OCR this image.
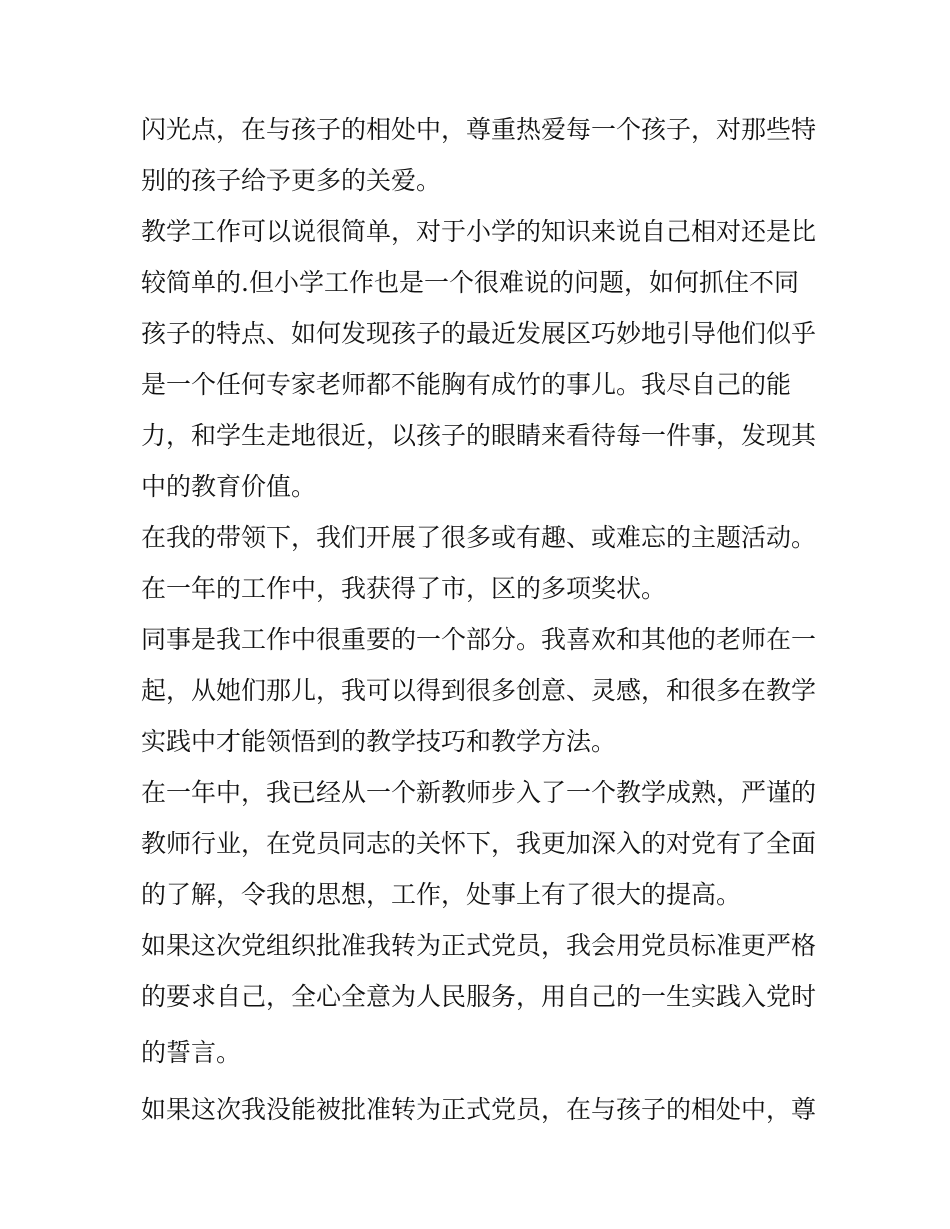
闪光点，在与孩子的相处中，尊重热爱每一个孩子，对那些特
别的孩子给予更多的关爱。
教学工作可以说很简单，对于小学的知识来说自己相对还是比
较简单的.但小学工作也是一个很难说的问题，如何抓住不同
孩子的特点、如何发现孩子的最近发展区巧妙地引导他们似乎
是一个任何专家老师都不能胸有成竹的事儿。我尽自己的能
力，和学生走地很近，以孩子的眼睛来看待每一件事，发现其
中的教育价值。
在我的带领下，我们开展了很多或有趣、或难忘的主题活动。
在一年的工作中，我获得了市，区的多项奖状。
同事是我工作中很重要的一个部分。我喜欢和其他的老师在一
起，从她们那儿，我可以得到很多创意、灵感，和很多在教学
实践中才能领悟到的教学技巧和教学方法。
在一年中，我已经从一个新教师步入了一个教学成熟，严谨的
教师行业，在党员同志的关怀下，我更加深入的对党有了全面
的了解，令我的思想，工作，处事上有了很大的提高。
如果这次党组织批准我转为正式党员，我会用党员标准更严格
的要求自己，全心全意为人民服务，用自己的一生实践入党时
的誓言。
如果这次我没能被批准转为正式党员，在与孩子的相处中，尊
